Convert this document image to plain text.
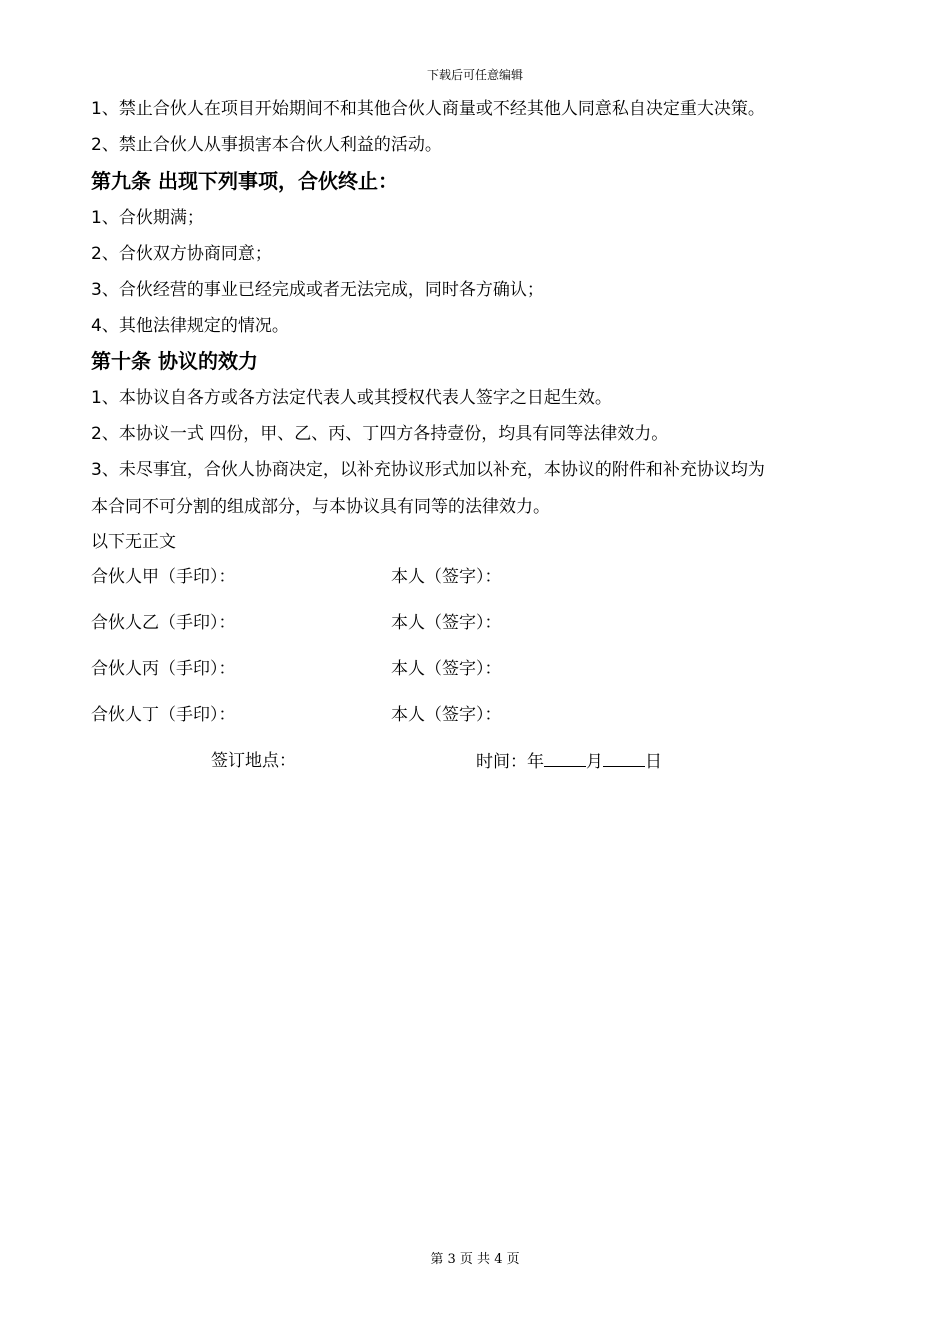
下载后可任意编辑
1、禁止合伙人在项目开始期间不和其他合伙人商量或不经其他人同意私自决定重大决策。
2、禁止合伙人从事损害本合伙人利益的活动。
第九条 出现下列事项，合伙终止：
1、合伙期满；
2、合伙双方协商同意；
3、合伙经营的事业已经完成或者无法完成，同时各方确认；
4、其他法律规定的情况。
第十条 协议的效力
1、本协议自各方或各方法定代表人或其授权代表人签字之日起生效。
2、本协议一式 四份，甲、乙、丙、丁四方各持壹份，均具有同等法律效力。
3、未尽事宜，合伙人协商决定，以补充协议形式加以补充，本协议的附件和补充协议均为
本合同不可分割的组成部分，与本协议具有同等的法律效力。
以下无正文
合伙人甲（手印）：	本人（签字）：
合伙人乙（手印）：	本人（签字）：
合伙人丙（手印）：	本人（签字）：
合伙人丁（手印）：	本人（签字）：
签订地点：	时间：年 月 日
第 3 页 共 4 页
